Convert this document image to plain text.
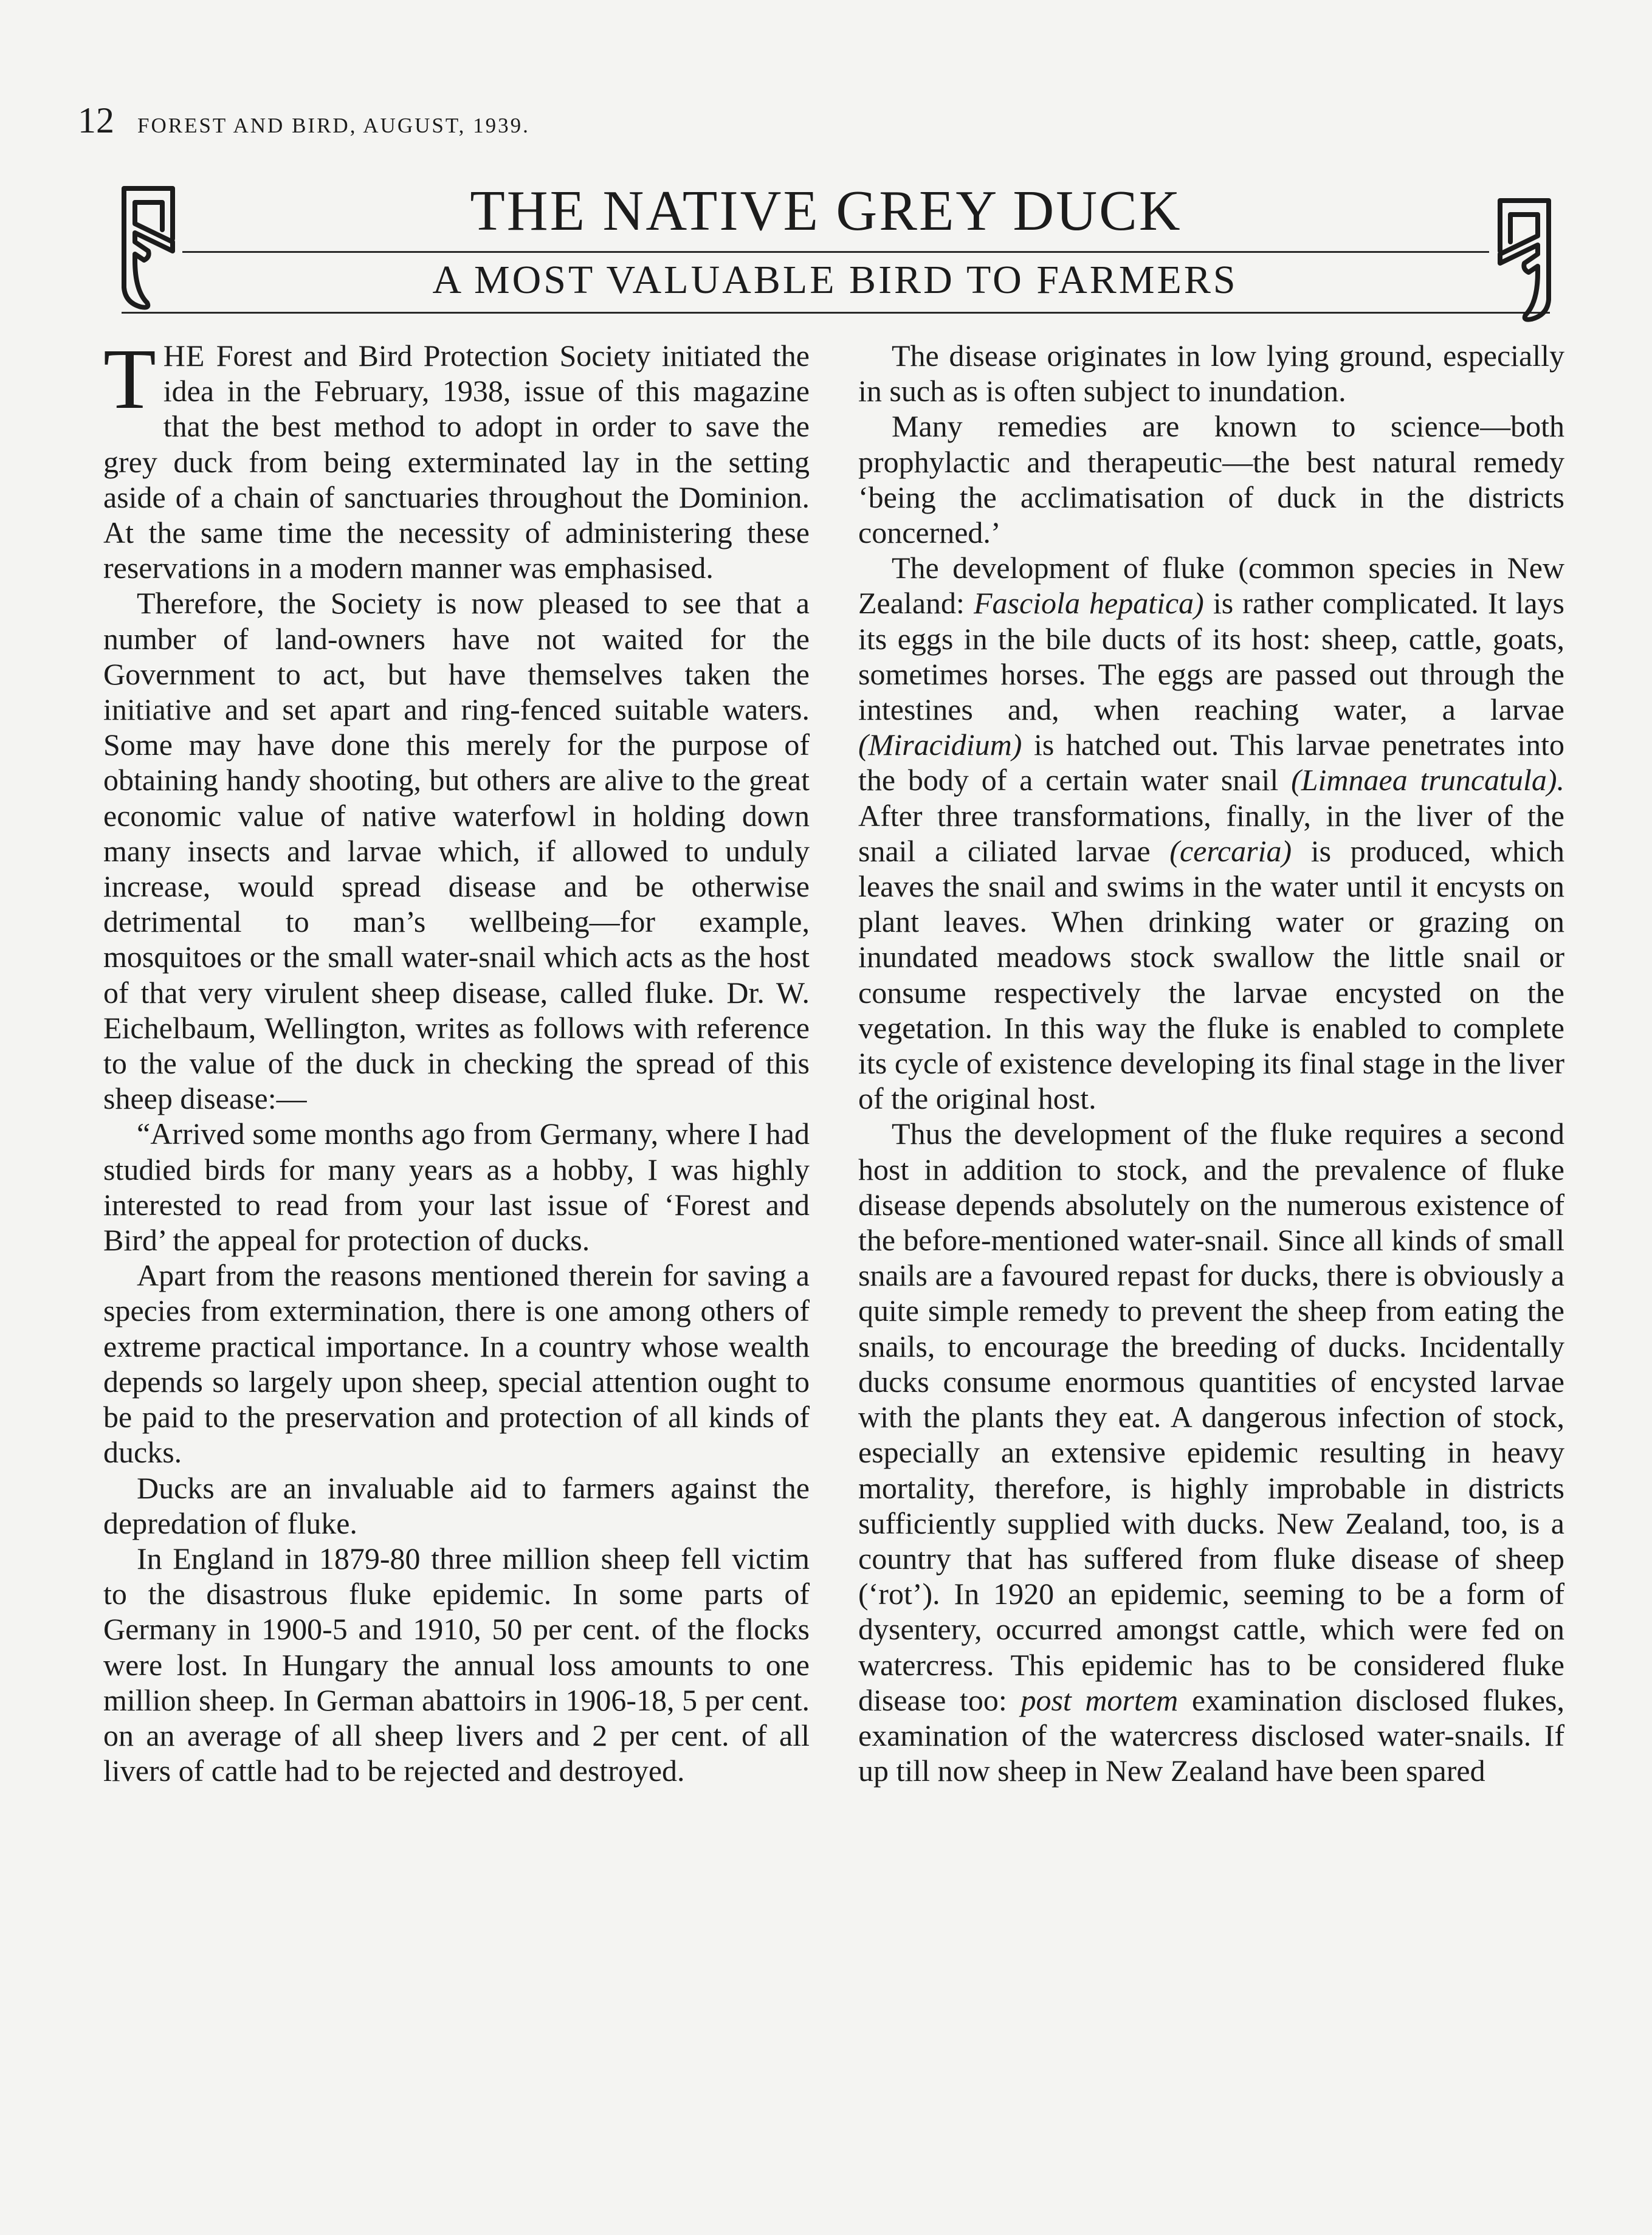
12 FOREST AND BIRD, AUGUST, 1939.
THE NATIVE GREY DUCK
A MOST VALUABLE BIRD TO FARMERS

THE Forest and Bird Protection Society initiated the idea in the February, 1938, issue of this magazine that the best method to adopt in order to save the grey duck from being exterminated lay in the setting aside of a chain of sanctuaries throughout the Dominion. At the same time the necessity of administering these reservations in a modern manner was emphasised.

Therefore, the Society is now pleased to see that a number of land-owners have not waited for the Government to act, but have themselves taken the initiative and set apart and ring-fenced suitable waters. Some may have done this merely for the purpose of obtaining handy shooting, but others are alive to the great economic value of native waterfowl in holding down many insects and larvae which, if allowed to unduly increase, would spread disease and be otherwise detrimental to man’s wellbeing—for example, mosquitoes or the small water-snail which acts as the host of that very virulent sheep disease, called fluke. Dr. W. Eichelbaum, Wellington, writes as follows with reference to the value of the duck in checking the spread of this sheep disease:—

“Arrived some months ago from Germany, where I had studied birds for many years as a hobby, I was highly interested to read from your last issue of ‘Forest and Bird’ the appeal for protection of ducks.

Apart from the reasons mentioned therein for saving a species from extermination, there is one among others of extreme practical importance. In a country whose wealth depends so largely upon sheep, special attention ought to be paid to the preservation and protection of all kinds of ducks.

Ducks are an invaluable aid to farmers against the depredation of fluke.

In England in 1879-80 three million sheep fell victim to the disastrous fluke epidemic. In some parts of Germany in 1900-5 and 1910, 50 per cent. of the flocks were lost. In Hungary the annual loss amounts to one million sheep. In German abattoirs in 1906-18, 5 per cent. on an average of all sheep livers and 2 per cent. of all livers of cattle had to be rejected and destroyed.

The disease originates in low lying ground, especially in such as is often subject to inundation.

Many remedies are known to science—both prophylactic and therapeutic—the best natural remedy ‘being the acclimatisation of duck in the districts concerned.’

The development of fluke (common species in New Zealand: Fasciola hepatica) is rather complicated. It lays its eggs in the bile ducts of its host: sheep, cattle, goats, sometimes horses. The eggs are passed out through the intestines and, when reaching water, a larvae (Miracidium) is hatched out. This larvae penetrates into the body of a certain water snail (Limnaea truncatula). After three transformations, finally, in the liver of the snail a ciliated larvae (cercaria) is produced, which leaves the snail and swims in the water until it encysts on plant leaves. When drinking water or grazing on inundated meadows stock swallow the little snail or consume respectively the larvae encysted on the vegetation. In this way the fluke is enabled to complete its cycle of existence developing its final stage in the liver of the original host.

Thus the development of the fluke requires a second host in addition to stock, and the prevalence of fluke disease depends absolutely on the numerous existence of the before-mentioned water-snail. Since all kinds of small snails are a favoured repast for ducks, there is obviously a quite simple remedy to prevent the sheep from eating the snails, to encourage the breeding of ducks. Incidentally ducks consume enormous quantities of encysted larvae with the plants they eat. A dangerous infection of stock, especially an extensive epidemic resulting in heavy mortality, therefore, is highly improbable in districts sufficiently supplied with ducks. New Zealand, too, is a country that has suffered from fluke disease of sheep (‘rot’). In 1920 an epidemic, seeming to be a form of dysentery, occurred amongst cattle, which were fed on watercress. This epidemic has to be considered fluke disease too: post mortem examination disclosed flukes, examination of the watercress disclosed water-snails. If up till now sheep in New Zealand have been spared
